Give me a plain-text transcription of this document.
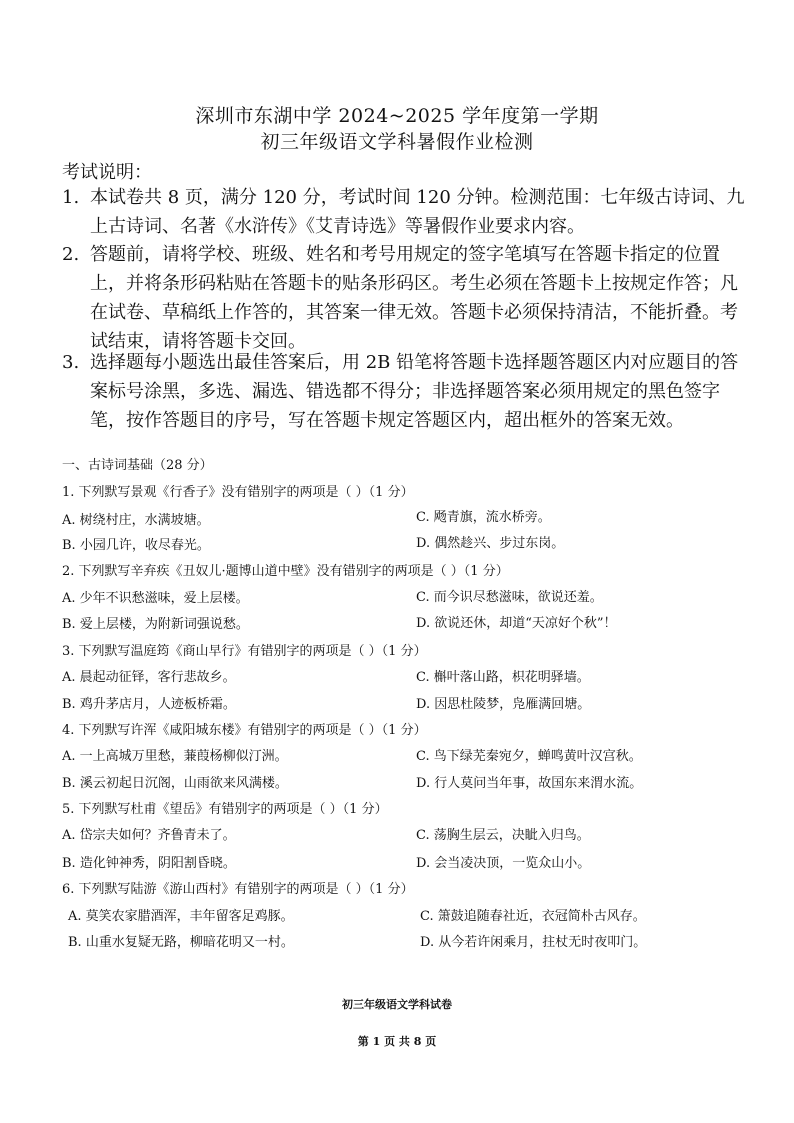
深圳市东湖中学 2024~2025 学年度第一学期
初三年级语文学科暑假作业检测
考试说明：
1. 本试卷共 8 页，满分 120 分，考试时间 120 分钟。检测范围：七年级古诗词、九上古诗词、名著《水浒传》《艾青诗选》等暑假作业要求内容。
2. 答题前，请将学校、班级、姓名和考号用规定的签字笔填写在答题卡指定的位置上，并将条形码粘贴在答题卡的贴条形码区。考生必须在答题卡上按规定作答；凡在试卷、草稿纸上作答的，其答案一律无效。答题卡必须保持清洁，不能折叠。考试结束，请将答题卡交回。
3. 选择题每小题选出最佳答案后，用 2B 铅笔将答题卡选择题答题区内对应题目的答案标号涂黑，多选、漏选、错选都不得分；非选择题答案必须用规定的黑色签字笔，按作答题目的序号，写在答题卡规定答题区内，超出框外的答案无效。
一、古诗词基础（28 分）
1. 下列默写景观《行香子》没有错别字的两项是（ ）（1 分）
A. 树绕村庄，水满坡塘。	C. 飏青旗，流水桥旁。
B. 小园几许，收尽春光。	D. 偶然趁兴、步过东岗。
2. 下列默写辛弃疾《丑奴儿·题博山道中壁》没有错别字的两项是（ ）（1 分）
A. 少年不识愁滋味，爱上层楼。	C. 而今识尽愁滋味，欲说还羞。
B. 爱上层楼，为附新词强说愁。	D. 欲说还休，却道“天凉好个秋”！
3. 下列默写温庭筠《商山早行》有错别字的两项是（ ）（1 分）
A. 晨起动征铎，客行悲故乡。	C. 槲叶落山路，枳花明驿墙。
B. 鸡升茅店月，人迹板桥霜。	D. 因思杜陵梦，凫雁满回塘。
4. 下列默写许浑《咸阳城东楼》有错别字的两项是（ ）（1 分）
A. 一上高城万里愁，蒹葭杨柳似汀洲。	C. 鸟下绿芜秦宛夕，蝉鸣黄叶汉宫秋。
B. 溪云初起日沉阁，山雨欲来风满楼。	D. 行人莫问当年事，故国东来渭水流。
5. 下列默写杜甫《望岳》有错别字的两项是（ ）（1 分）
A. 岱宗夫如何？齐鲁青未了。	C. 荡胸生层云，决眦入归鸟。
B. 造化钟神秀，阴阳割昏晓。	D. 会当凌决顶，一览众山小。
6. 下列默写陆游《游山西村》有错别字的两项是（ ）（1 分）
A. 莫笑农家腊酒浑，丰年留客足鸡豚。	C. 箫鼓追随春社近，衣冠简朴古风存。
B. 山重水复疑无路，柳暗花明又一村。	D. 从今若许闲乘月，拄杖无时夜叩门。
初三年级语文学科试卷
第 1 页 共 8 页
